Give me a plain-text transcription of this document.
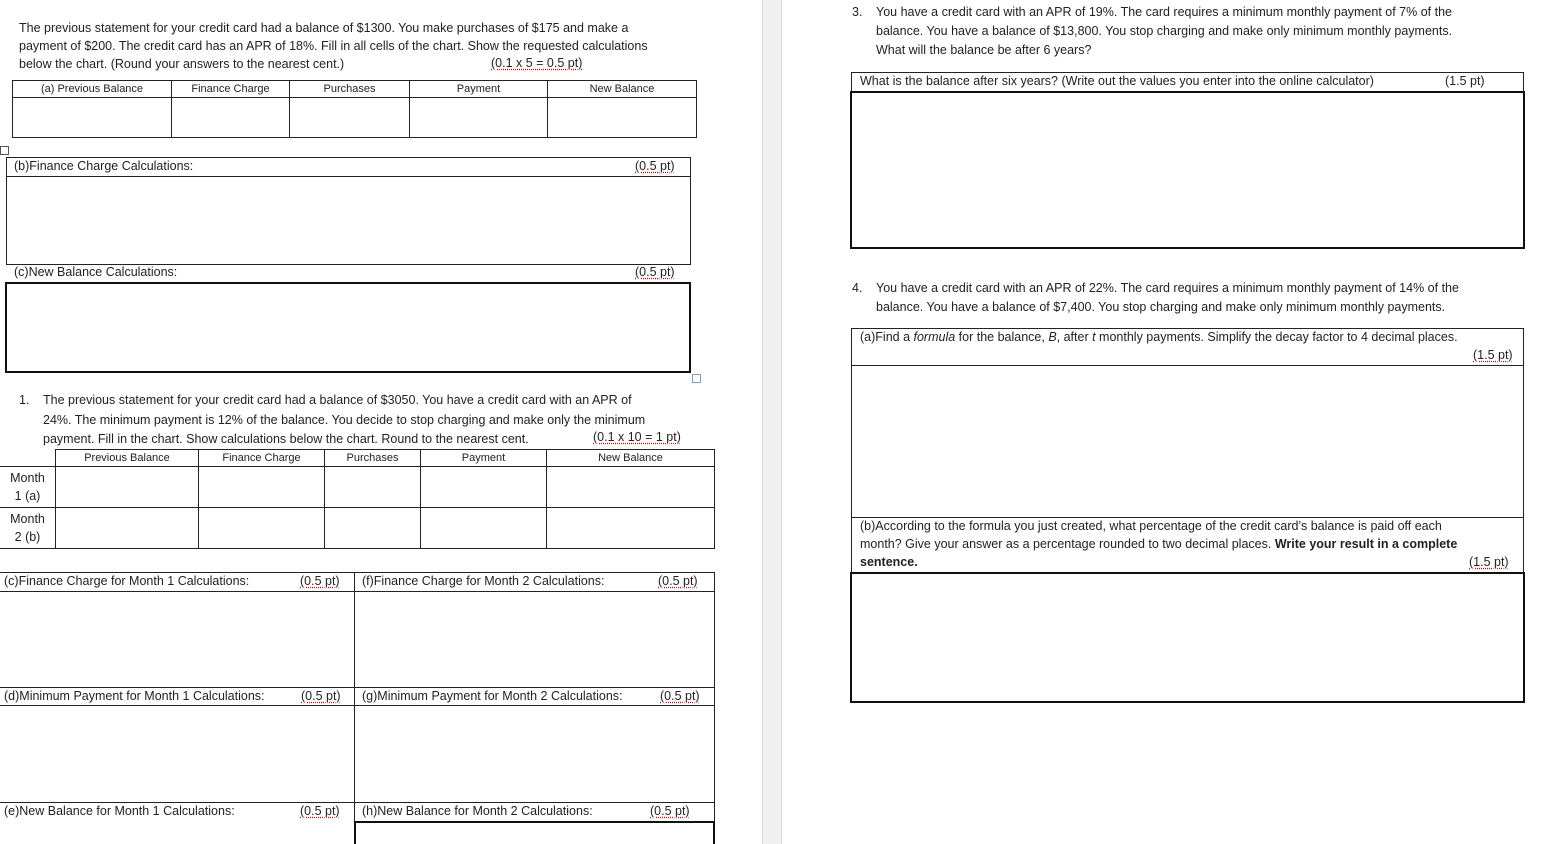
The previous statement for your credit card had a balance of $1300. You make purchases of $175 and make a
payment of $200. The credit card has an APR of 18%. Fill in all cells of the chart. Show the requested calculations
below the chart. (Round your answers to the nearest cent.)	(0.1 x 5 = 0.5 pt)
(a) Previous Balance	Finance Charge	Purchases	Payment	New Balance

(b)Finance Charge Calculations:	(0.5 pt)
(c)New Balance Calculations:	(0.5 pt)
1. The previous statement for your credit card had a balance of $3050. You have a credit card with an APR of
24%. The minimum payment is 12% of the balance. You decide to stop charging and make only the minimum
payment. Fill in the chart. Show calculations below the chart. Round to the nearest cent.	(0.1 x 10 = 1 pt)
	Previous Balance	Finance Charge	Purchases	Payment	New Balance

Month
1 (a)					

Month
2 (b)					

(c)Finance Charge for Month 1 Calculations:	(0.5 pt) (f)Finance Charge for Month 2 Calculations:	(0.5 pt)
(d)Minimum Payment for Month 1 Calculations:	(0.5 pt) (g)Minimum Payment for Month 2 Calculations:	(0.5 pt)
(e)New Balance for Month 1 Calculations:	(0.5 pt) (h)New Balance for Month 2 Calculations:	(0.5 pt)
3. You have a credit card with an APR of 19%. The card requires a minimum monthly payment of 7% of the
balance. You have a balance of $13,800. You stop charging and make only minimum monthly payments.
What will the balance be after 6 years?
What is the balance after six years? (Write out the values you enter into the online calculator)	(1.5 pt)
4. You have a credit card with an APR of 22%. The card requires a minimum monthly payment of 14% of the
balance. You have a balance of $7,400. You stop charging and make only minimum monthly payments.
(a)Find a formula for the balance, B, after t monthly payments. Simplify the decay factor to 4 decimal places.
(1.5 pt)
(b)According to the formula you just created, what percentage of the credit card’s balance is paid off each
month? Give your answer as a percentage rounded to two decimal places. Write your result in a complete
sentence.	(1.5 pt)
